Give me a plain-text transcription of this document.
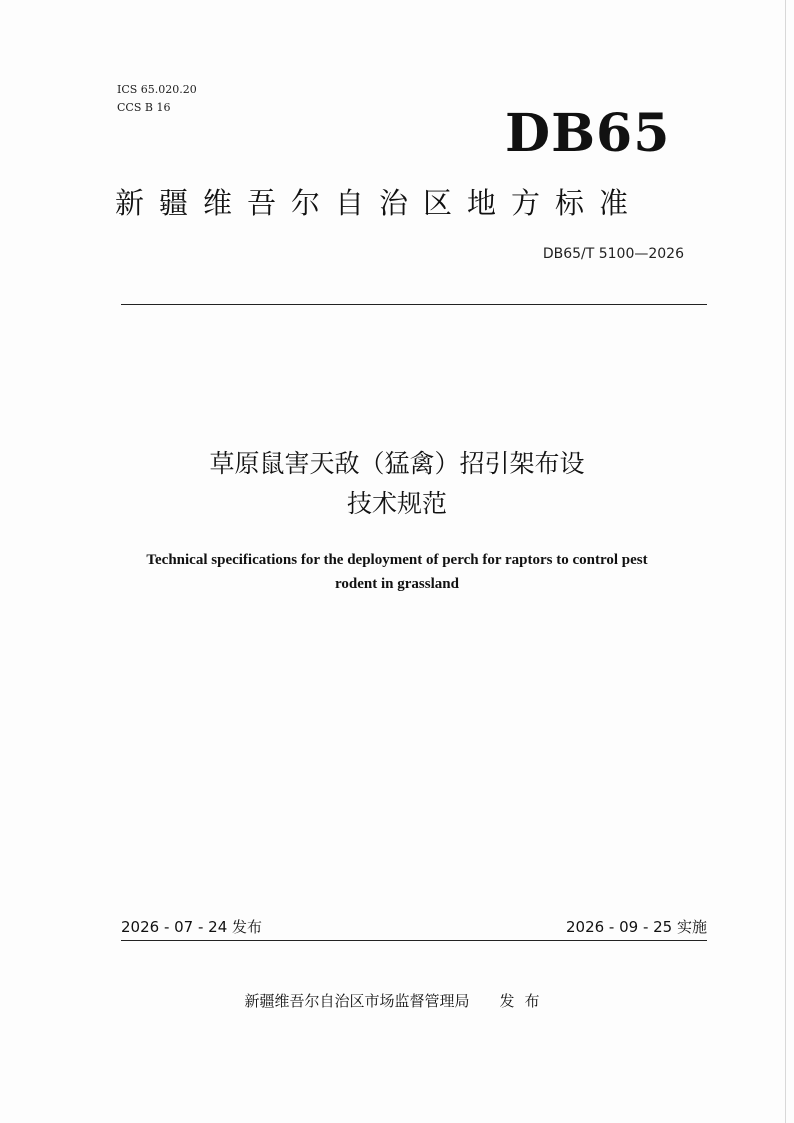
ICS 65.020.20
CCS B 16	DB65
新疆维吾尔自治区地方标准
DB65/T 5100—2026
草原鼠害天敌（猛禽）招引架布设
技术规范
Technical specifications for the deployment of perch for raptors to control pest
rodent in grassland
2026 - 07 - 24 发布	2026 - 09 - 25 实施
新疆维吾尔自治区市场监督管理局 发布
